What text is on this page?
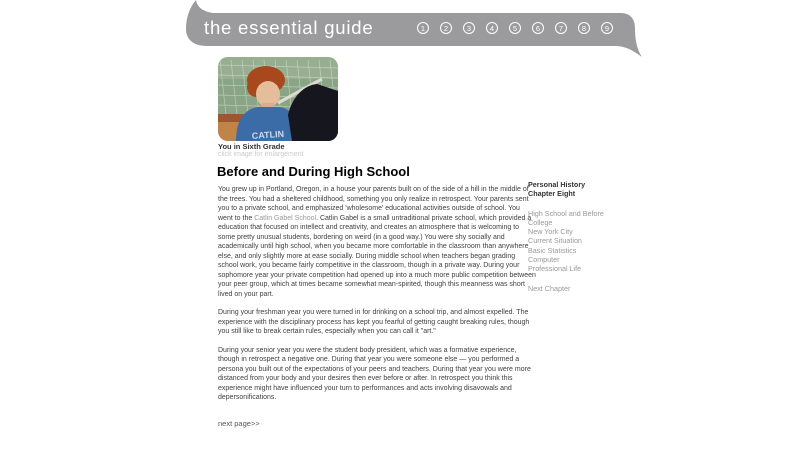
the essential guide	1	2	3	4	5	6	7	8	9
CATLIN
You in Sixth Grade
click image for enlargement
Before and During High School

You grew up in Portland, Oregon, in a house your parents built on of the side of a hill in the middle of the trees. You had a sheltered childhood, something you only realize in retrospect. Your parents sent you to a private school, and emphasized 'wholesome' educational activities outside of school. You went to the Catlin Gabel School. Catlin Gabel is a small untraditional private school, which provided a education that focused on intellect and creativity, and creates an atmosphere that is welcoming to some pretty unusual students, bordering on weird (in a good way.) You were shy socially and academically until high school, when you became more comfortable in the classroom than anywhere else, and only slightly more at ease socially. During middle school when teachers began grading school work, you became fairly competitive in the classroom, though in a private way. During your sophomore year your private competition had opened up into a much more public competition between your peer group, which at times became somewhat mean-spirited, though this meanness was short lived on your part.

During your freshman year you were turned in for drinking on a school trip, and almost expelled. The experience with the disciplinary process has kept you fearful of getting caught breaking rules, though you still like to break certain rules, especially when you can call it "art."

During your senior year you were the student body president, which was a formative experience, though in retrospect a negative one. During that year you were someone else — you performed a persona you built out of the expectations of your peers and teachers. During that year you were more distanced from your body and your desires then ever before or after. In retrospect you think this experience might have influenced your turn to performances and acts involving disavowals and depersonifications.

next page>>
Personal History
Chapter Eight
High School and Before
College
New York City
Current Situation
Basic Statistics
Computer
Professional Life
Next Chapter
